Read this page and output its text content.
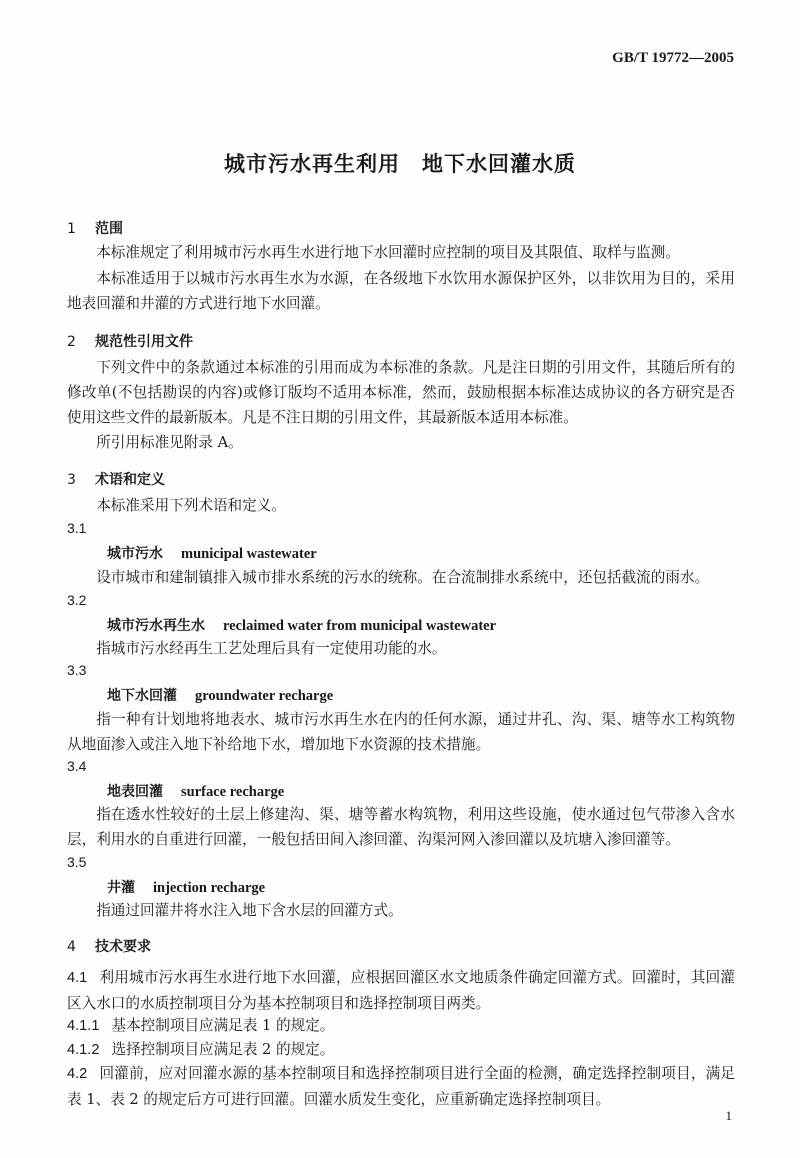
GB/T 19772—2005
城市污水再生利用　地下水回灌水质
1 范围
本标准规定了利用城市污水再生水进行地下水回灌时应控制的项目及其限值、取样与监测。
本标准适用于以城市污水再生水为水源，在各级地下水饮用水源保护区外，以非饮用为目的，采用地表回灌和井灌的方式进行地下水回灌。
2 规范性引用文件
下列文件中的条款通过本标准的引用而成为本标准的条款。凡是注日期的引用文件，其随后所有的修改单(不包括勘误的内容)或修订版均不适用本标准，然而，鼓励根据本标准达成协议的各方研究是否使用这些文件的最新版本。凡是不注日期的引用文件，其最新版本适用本标准。
所引用标准见附录 A。
3 术语和定义
本标准采用下列术语和定义。
3.1
城市污水 municipal wastewater
设市城市和建制镇排入城市排水系统的污水的统称。在合流制排水系统中，还包括截流的雨水。
3.2
城市污水再生水 reclaimed water from municipal wastewater
指城市污水经再生工艺处理后具有一定使用功能的水。
3.3
地下水回灌 groundwater recharge
指一种有计划地将地表水、城市污水再生水在内的任何水源，通过井孔、沟、渠、塘等水工构筑物从地面渗入或注入地下补给地下水，增加地下水资源的技术措施。
3.4
地表回灌 surface recharge
指在透水性较好的土层上修建沟、渠、塘等蓄水构筑物，利用这些设施，使水通过包气带渗入含水层，利用水的自重进行回灌，一般包括田间入渗回灌、沟渠河网入渗回灌以及坑塘入渗回灌等。
3.5
井灌 injection recharge
指通过回灌井将水注入地下含水层的回灌方式。
4 技术要求
4.1 利用城市污水再生水进行地下水回灌，应根据回灌区水文地质条件确定回灌方式。回灌时，其回灌区入水口的水质控制项目分为基本控制项目和选择控制项目两类。
4.1.1 基本控制项目应满足表 1 的规定。
4.1.2 选择控制项目应满足表 2 的规定。
4.2 回灌前，应对回灌水源的基本控制项目和选择控制项目进行全面的检测，确定选择控制项目，满足表 1、表 2 的规定后方可进行回灌。回灌水质发生变化，应重新确定选择控制项目。
1
